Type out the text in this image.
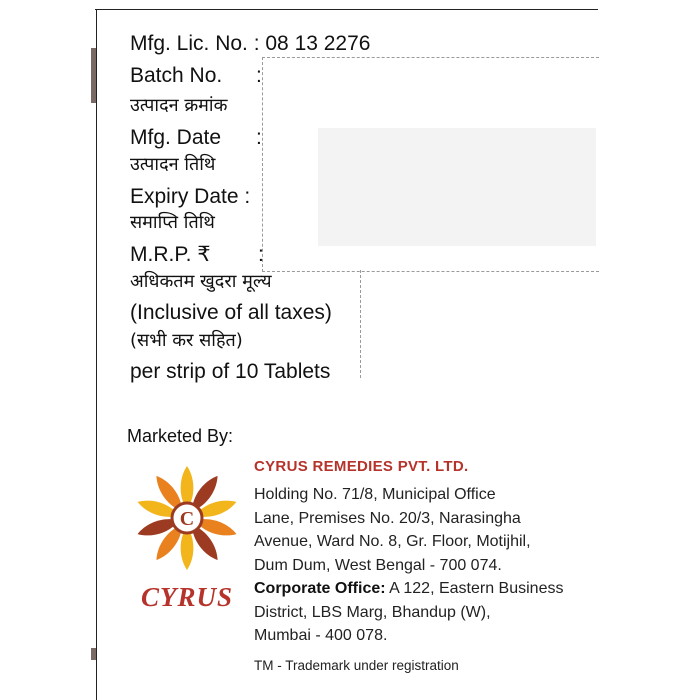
Mfg. Lic. No. : 08 13 2276
Batch No. :
उत्पादन क्रमांक
Mfg. Date :
उत्पादन तिथि
Expiry Date :
समाप्ति तिथि
M.R.P. ₹ :
अधिकतम खुदरा मूल्य
(Inclusive of all taxes)
(सभी कर सहित)
per strip of 10 Tablets
Marketed By:
C
CYRUS
CYRUS REMEDIES PVT. LTD.
Holding No. 71/8, Municipal Office
Lane, Premises No. 20/3, Narasingha
Avenue, Ward No. 8, Gr. Floor, Motijhil,
Dum Dum, West Bengal - 700 074.
Corporate Office: A 122, Eastern Business
District, LBS Marg, Bhandup (W),
Mumbai - 400 078.
TM - Trademark under registration
